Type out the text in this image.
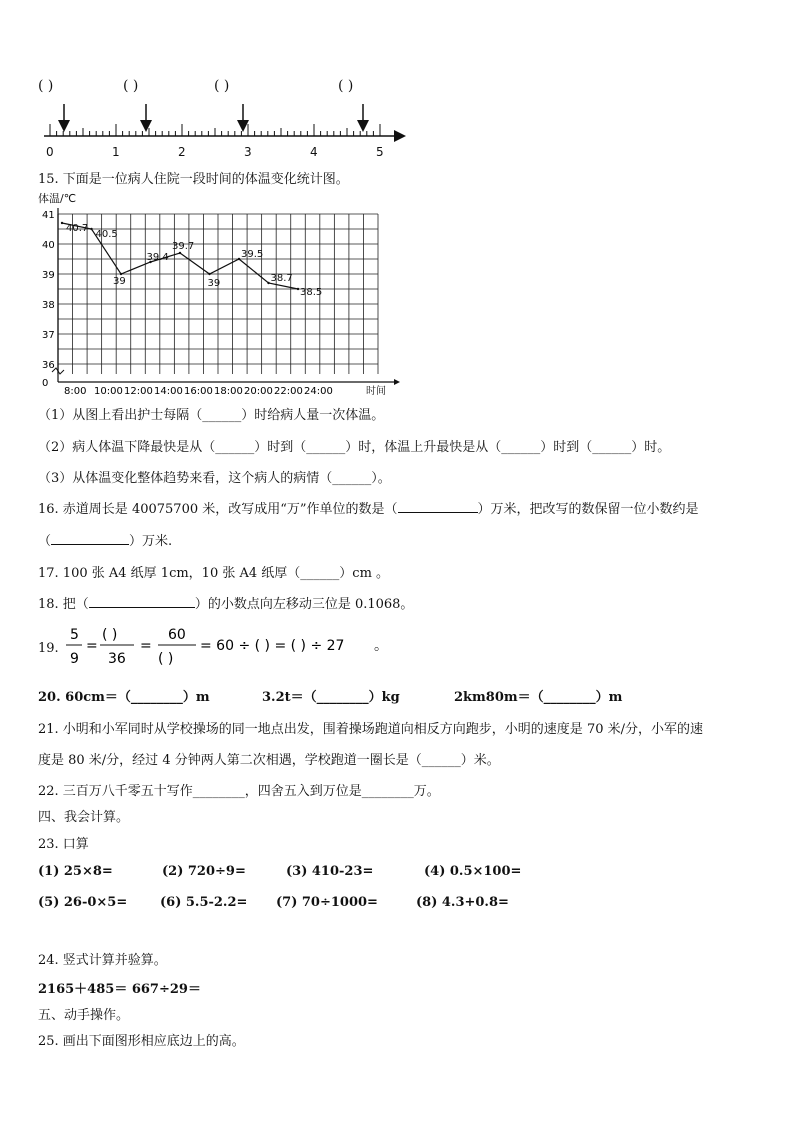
( )	( )	( )	( )
0	1	2	3	4	5
15. 下面是一位病人住院一段时间的体温变化统计图。
体温/℃
时间
0
36
37
38
39
40
41
8:00 10:00 12:00 14:00 16:00 18:00 20:00 22:00 24:00
40.7
40.5
39
39.4
39.7
39
39.5
38.7
38.5
（1）从图上看出护士每隔（______）时给病人量一次体温。
（2）病人体温下降最快是从（______）时到（______）时，体温上升最快是从（______）时到（______）时。
（3）从体温变化整体趋势来看，这个病人的病情（______）。
16. 赤道周长是 40075700 米，改写成用“万”作单位的数是（	）万米，把改写的数保留一位小数约是
（	）万米.
17. 100 张 A4 纸厚 1cm，10 张 A4 纸厚（______）cm 。
18. 把（	）的小数点向左移动三位是 0.1068。
19.
5
9
=
( )
36
=
60
( )
= 60 ÷ ( ) = ( ) ÷ 27 。
20. 60cm＝（________）m	3.2t＝（________）kg	2km80m＝（________）m
21. 小明和小军同时从学校操场的同一地点出发，围着操场跑道向相反方向跑步，小明的速度是 70 米/分，小军的速
度是 80 米/分，经过 4 分钟两人第二次相遇，学校跑道一圈长是（______）米。
22. 三百万八千零五十写作________，四舍五入到万位是________万。
四、我会计算。
23. 口算
(1) 25×8=	(2) 720÷9=	(3) 410-23=	(4) 0.5×100=
(5) 26-0×5=	(6) 5.5-2.2= (7) 70÷1000=	(8) 4.3+0.8=
24. 竖式计算并验算。
2165＋485＝ 667÷29＝
五、动手操作。
25. 画出下面图形相应底边上的高。
